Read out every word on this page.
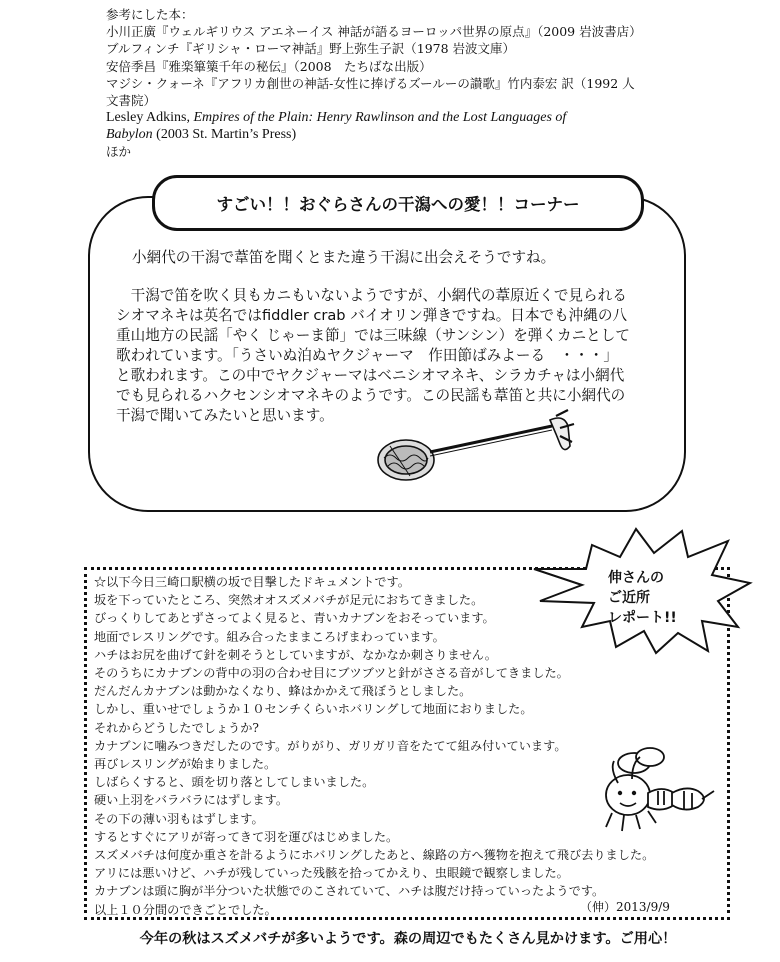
参考にした本：
小川正廣『ウェルギリウス アエネーイス 神話が語るヨーロッパ世界の原点』（2009 岩波書店）
ブルフィンチ『ギリシャ・ローマ神話』野上弥生子訳（1978 岩波文庫）
安倍季昌『雅楽篳篥千年の秘伝』（2008　たちばな出版）
マジシ・クォーネ『アフリカ創世の神話-女性に捧げるズールーの讃歌』竹内泰宏 訳（1992 人
文書院）
Lesley Adkins, Empires of the Plain: Henry Rawlinson and the Lost Languages of
Babylon (2003 St. Martin’s Press)
ほか
すごい！！おぐらさんの干潟への愛！！コーナー

小網代の干潟で葦笛を聞くとまた違う干潟に出会えそうですね。

　干潟で笛を吹く貝もカニもいないようですが、小網代の葦原近くで見られる
シオマネキは英名ではfiddler crab バイオリン弾きですね。日本でも沖縄の八
重山地方の民謡「やく じゃーま節」では三味線（サンシン）を弾くカニとして
歌われています。「うさいぬ泊ぬヤクジャーマ　作田節ばみよーる　・・・」
と歌われます。この中でヤクジャーマはベニシオマネキ、シラカチャは小網代
でも見られるハクセンシオマネキのようです。この民謡も葦笛と共に小網代の
干潟で聞いてみたいと思います。
☆以下今日三崎口駅横の坂で目撃したドキュメントです。
坂を下っていたところ、突然オオスズメバチが足元におちてきました。
びっくりしてあとずさってよく見ると、青いカナブンをおそっています。
地面でレスリングです。組み合ったままころげまわっています。
ハチはお尻を曲げて針を刺そうとしていますが、なかなか刺さりません。
そのうちにカナブンの背中の羽の合わせ目にブツブツと針がささる音がしてきました。
だんだんカナブンは動かなくなり、蜂はかかえて飛ぼうとしました。
しかし、重いせでしょうか１０センチくらいホバリングして地面におりました。
それからどうしたでしょうか?
カナブンに噛みつきだしたのです。がりがり、ガリガリ音をたてて組み付いています。
再びレスリングが始まりました。
しばらくすると、頭を切り落としてしまいました。
硬い上羽をバラバラにはずします。
その下の薄い羽もはずします。
するとすぐにアリが寄ってきて羽を運びはじめました。
スズメバチは何度か重さを計るようにホバリングしたあと、線路の方へ獲物を抱えて飛び去りました。
アリには悪いけど、ハチが残していった残骸を拾ってかえり、虫眼鏡で観察しました。
カナブンは頭に胸が半分ついた状態でのこされていて、ハチは腹だけ持っていったようです。
以上１０分間のできごとでした。	（伸）2013/9/9
伸さんの
ご近所
レポート!!
今年の秋はスズメバチが多いようです。森の周辺でもたくさん見かけます。ご用心！
